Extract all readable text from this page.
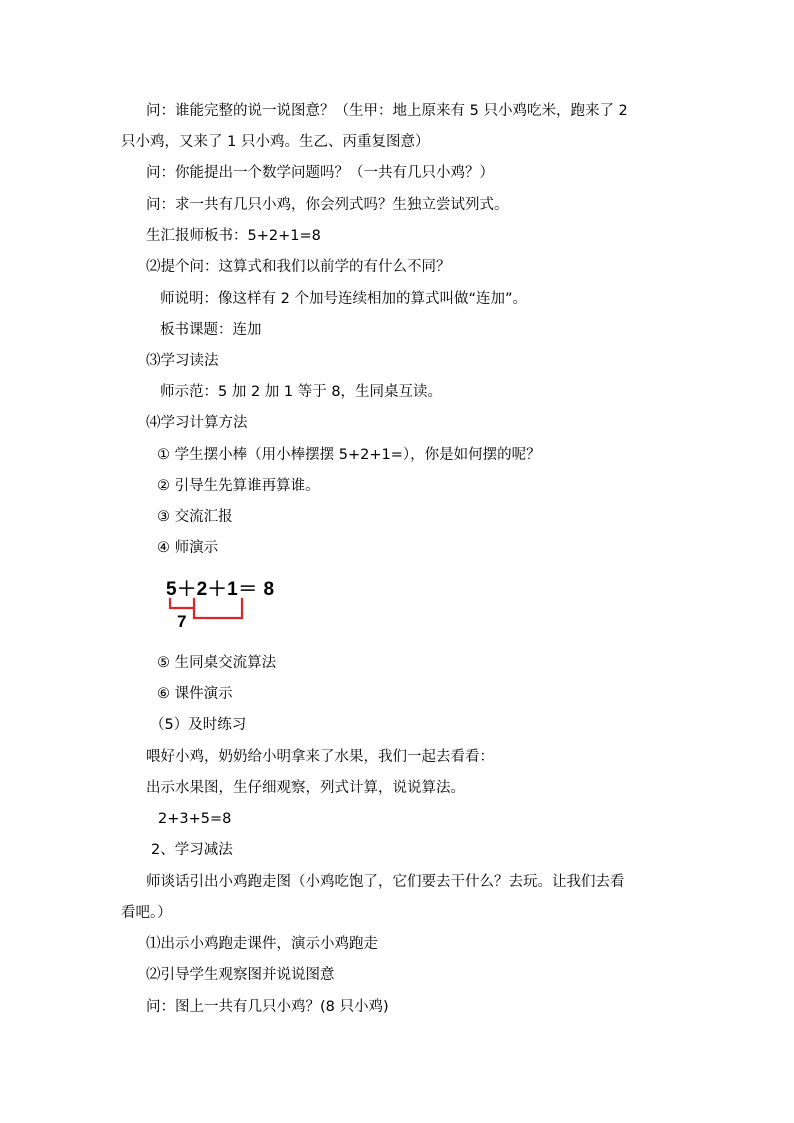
问：谁能完整的说一说图意？（生甲：地上原来有 5 只小鸡吃米，跑来了 2
只小鸡，又来了 1 只小鸡。生乙、丙重复图意）
问：你能提出一个数学问题吗？（一共有几只小鸡？）
问：求一共有几只小鸡，你会列式吗？生独立尝试列式。
生汇报师板书：5+2+1=8
⑵提个问：这算式和我们以前学的有什么不同？
师说明：像这样有 2 个加号连续相加的算式叫做“连加”。
板书课题：连加
⑶学习读法
师示范：5 加 2 加 1 等于 8，生同桌互读。
⑷学习计算方法
① 学生摆小棒（用小棒摆摆 5+2+1=），你是如何摆的呢？
② 引导生先算谁再算谁。
③ 交流汇报
④ 师演示
5＋2＋1＝ 8
7
⑤ 生同桌交流算法
⑥ 课件演示
（5）及时练习
喂好小鸡，奶奶给小明拿来了水果，我们一起去看看：
出示水果图，生仔细观察，列式计算，说说算法。
2+3+5=8
2、学习减法
师谈话引出小鸡跑走图（小鸡吃饱了，它们要去干什么？去玩。让我们去看
看吧。）
⑴出示小鸡跑走课件，演示小鸡跑走
⑵引导学生观察图并说说图意
问：图上一共有几只小鸡？(8 只小鸡)
